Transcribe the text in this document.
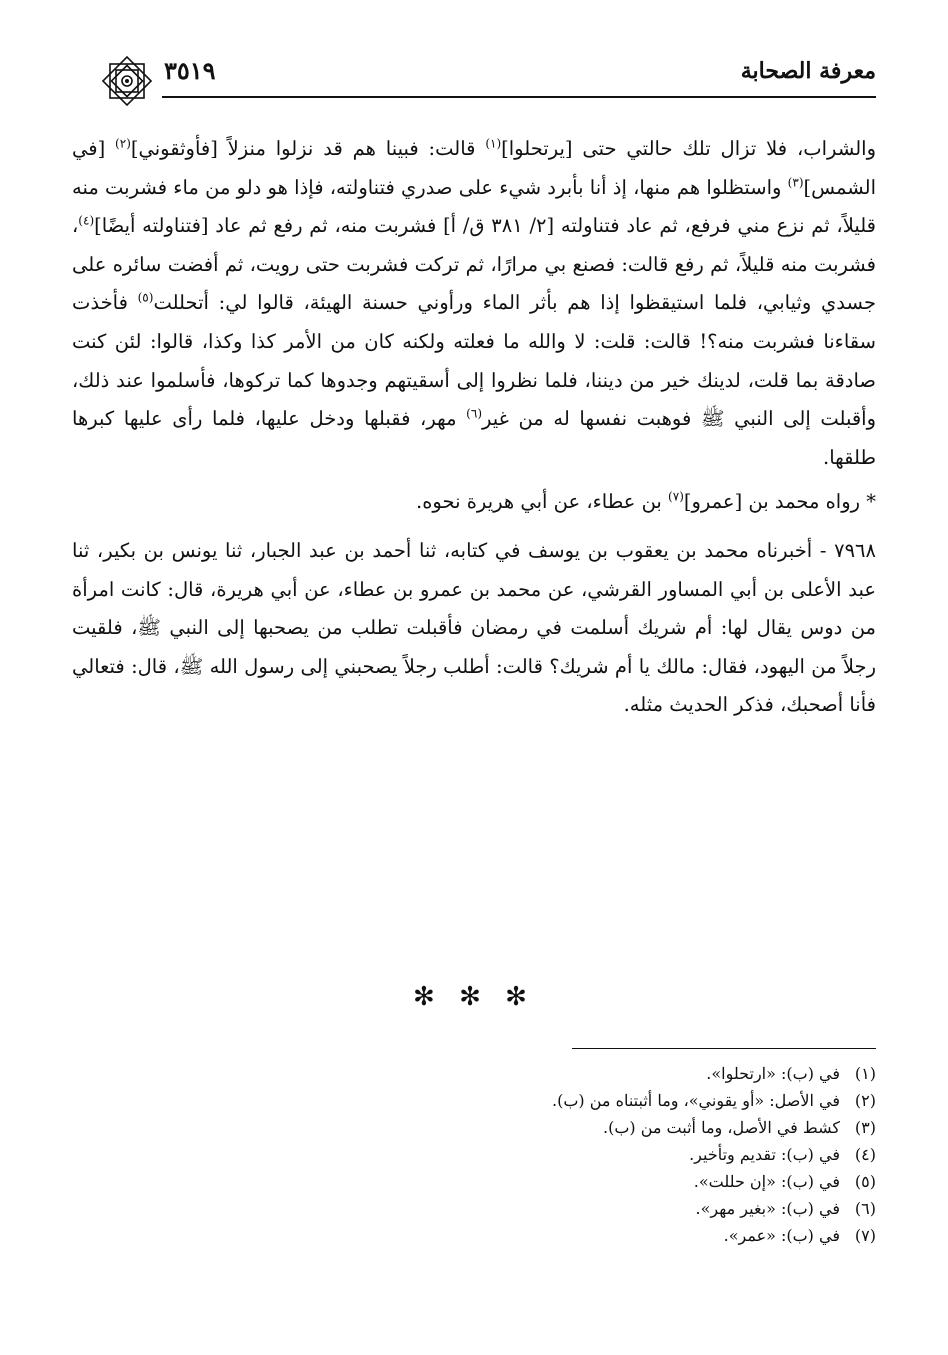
٣٥١٩	معرفة الصحابة

والشراب، فلا تزال تلك حالتي حتى [يرتحلوا]$^{(١)}$ قالت: فبينا هم قد نزلوا منزلاً [فأوثقوني]$^{(٢)}$ [في الشمس]$^{(٣)}$ واستظلوا هم منها، إذ أنا بأبرد شيء على صدري فتناولته، فإذا هو دلو من ماء فشربت منه قليلاً، ثم نزع مني فرفع، ثم عاد فتناولته [٢/ ٣٨١ ق/ أ] فشربت منه، ثم رفع ثم عاد [فتناولته أيضًا]$^{(٤)}$، فشربت منه قليلاً، ثم رفع قالت: فصنع بي مرارًا، ثم تركت فشربت حتى رويت، ثم أفضت سائره على جسدي وثيابي، فلما استيقظوا إذا هم بأثر الماء ورأوني حسنة الهيئة، قالوا لي: أتحللت$^{(٥)}$ فأخذت سقاءنا فشربت منه؟! قالت: قلت: لا والله ما فعلته ولكنه كان من الأمر كذا وكذا، قالوا: لئن كنت صادقة بما قلت، لدينك خير من ديننا، فلما نظروا إلى أسقيتهم وجدوها كما تركوها، فأسلموا عند ذلك، وأقبلت إلى النبي ﷺ فوهبت نفسها له من غير$^{(٦)}$ مهر، فقبلها ودخل عليها، فلما رأى عليها كبرها طلقها.

* رواه محمد بن [عمرو]$^{(٧)}$ بن عطاء، عن أبي هريرة نحوه.

٧٩٦٨ - أخبرناه محمد بن يعقوب بن يوسف في كتابه، ثنا أحمد بن عبد الجبار، ثنا يونس بن بكير، ثنا عبد الأعلى بن أبي المساور القرشي، عن محمد بن عمرو بن عطاء، عن أبي هريرة، قال: كانت امرأة من دوس يقال لها: أم شريك أسلمت في رمضان فأقبلت تطلب من يصحبها إلى النبي ﷺ، فلقيت رجلاً من اليهود، فقال: مالك يا أم شريك؟ قالت: أطلب رجلاً يصحبني إلى رسول الله ﷺ، قال: فتعالي فأنا أصحبك، فذكر الحديث مثله.

✻ ✻ ✻
(١)في (ب): «ارتحلوا».
(٢)في الأصل: «أو يقوني»، وما أثبتناه من (ب).
(٣)كشط في الأصل، وما أثبت من (ب).
(٤)في (ب): تقديم وتأخير.
(٥)في (ب): «إن حللت».
(٦)في (ب): «بغير مهر».
(٧)في (ب): «عمر».
